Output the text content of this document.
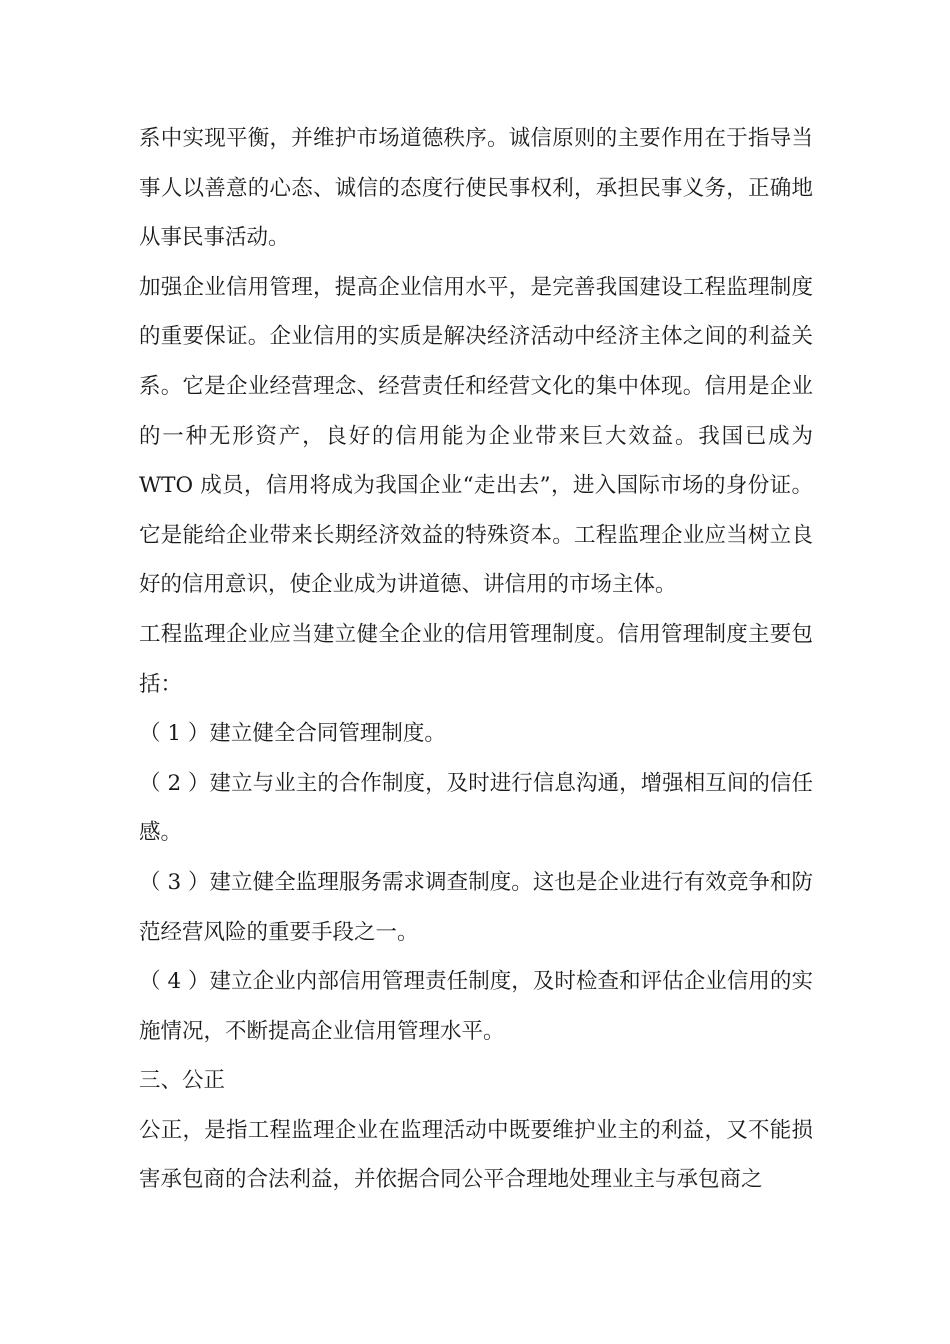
系中实现平衡，并维护市场道德秩序。诚信原则的主要作用在于指导当事人以善意的心态、诚信的态度行使民事权利，承担民事义务，正确地从事民事活动。

加强企业信用管理，提高企业信用水平，是完善我国建设工程监理制度的重要保证。企业信用的实质是解决经济活动中经济主体之间的利益关系。它是企业经营理念、经营责任和经营文化的集中体现。信用是企业的一种无形资产，良好的信用能为企业带来巨大效益。我国已成为 WTO 成员，信用将成为我国企业“走出去”，进入国际市场的身份证。它是能给企业带来长期经济效益的特殊资本。工程监理企业应当树立良好的信用意识，使企业成为讲道德、讲信用的市场主体。

工程监理企业应当建立健全企业的信用管理制度。信用管理制度主要包括：

（ 1 ）建立健全合同管理制度。

（ 2 ）建立与业主的合作制度，及时进行信息沟通，增强相互间的信任感。

（ 3 ）建立健全监理服务需求调查制度。这也是企业进行有效竞争和防范经营风险的重要手段之一。

（ 4 ）建立企业内部信用管理责任制度，及时检查和评估企业信用的实施情况，不断提高企业信用管理水平。

三、公正

公正，是指工程监理企业在监理活动中既要维护业主的利益，又不能损害承包商的合法利益，并依据合同公平合理地处理业主与承包商之
